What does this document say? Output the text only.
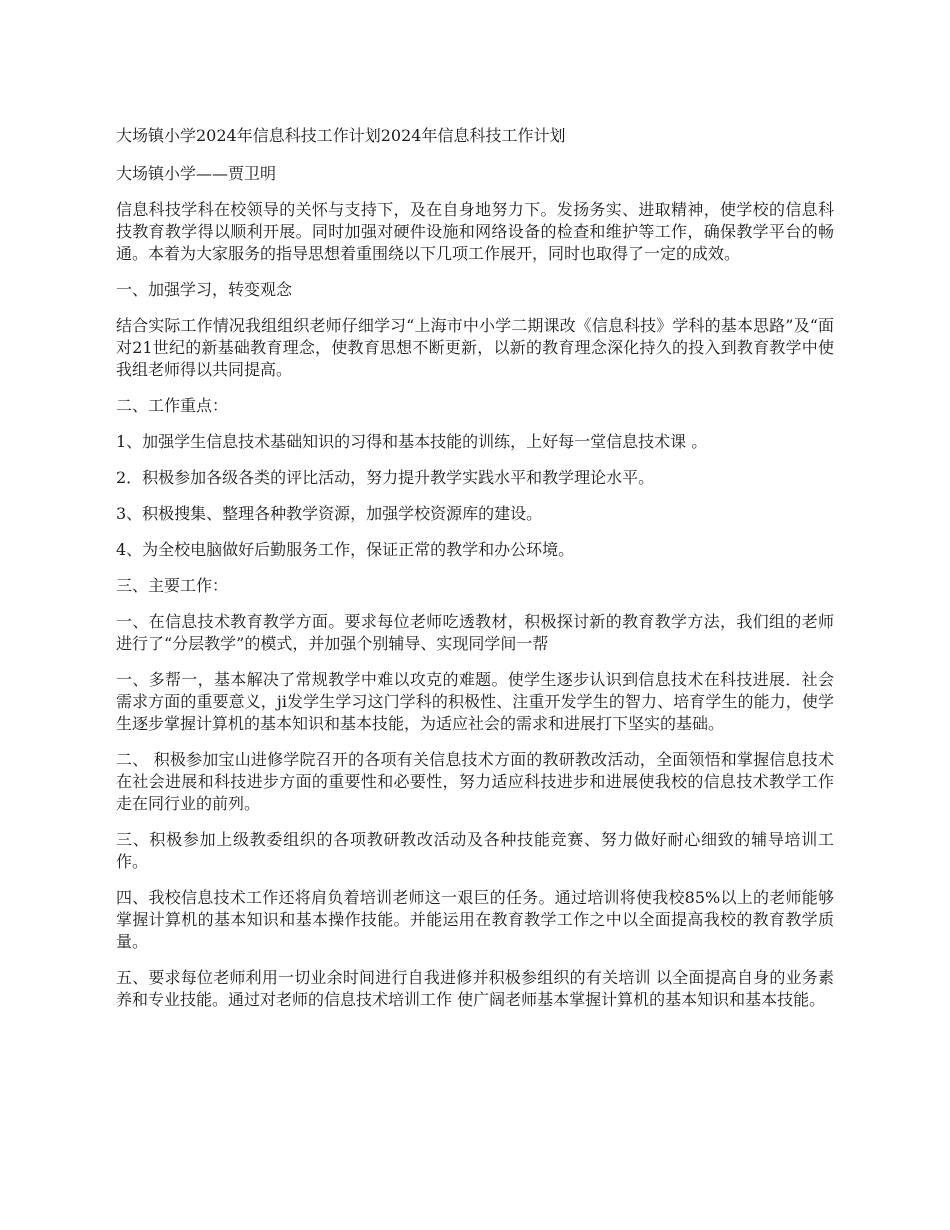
大场镇小学2024年信息科技工作计划2024年信息科技工作计划

大场镇小学——贾卫明

信息科技学科在校领导的关怀与支持下，及在自身地努力下。发扬务实、进取精神，使学校的信息科技教育教学得以顺利开展。同时加强对硬件设施和网络设备的检查和维护等工作，确保教学平台的畅通。本着为大家服务的指导思想着重围绕以下几项工作展开，同时也取得了一定的成效。

一、加强学习，转变观念

结合实际工作情况我组组织老师仔细学习“上海市中小学二期课改《信息科技》学科的基本思路”及“面对21世纪的新基础教育理念，使教育思想不断更新，以新的教育理念深化持久的投入到教育教学中使我组老师得以共同提高。

二、工作重点：

1、加强学生信息技术基础知识的习得和基本技能的训练，上好每一堂信息技术课 。

2．积极参加各级各类的评比活动，努力提升教学实践水平和教学理论水平。

3、积极搜集、整理各种教学资源，加强学校资源库的建设。

4、为全校电脑做好后勤服务工作，保证正常的教学和办公环境。

三、主要工作：

一、在信息技术教育教学方面。要求每位老师吃透教材，积极探讨新的教育教学方法，我们组的老师进行了“分层教学”的模式，并加强个别辅导、实现同学间一帮

一、多帮一，基本解决了常规教学中难以攻克的难题。使学生逐步认识到信息技术在科技进展．社会需求方面的重要意义，ji发学生学习这门学科的积极性、注重开发学生的智力、培育学生的能力，使学生逐步掌握计算机的基本知识和基本技能，为适应社会的需求和进展打下坚实的基础。

二、 积极参加宝山进修学院召开的各项有关信息技术方面的教研教改活动，全面领悟和掌握信息技术在社会进展和科技进步方面的重要性和必要性，努力适应科技进步和进展使我校的信息技术教学工作走在同行业的前列。

三、积极参加上级教委组织的各项教研教改活动及各种技能竞赛、努力做好耐心细致的辅导培训工作。

四、我校信息技术工作还将肩负着培训老师这一艰巨的任务。通过培训将使我校85%以上的老师能够掌握计算机的基本知识和基本操作技能。并能运用在教育教学工作之中以全面提高我校的教育教学质量。

五、要求每位老师利用一切业余时间进行自我进修并积极参组织的有关培训 以全面提高自身的业务素养和专业技能。通过对老师的信息技术培训工作 使广阔老师基本掌握计算机的基本知识和基本技能。
